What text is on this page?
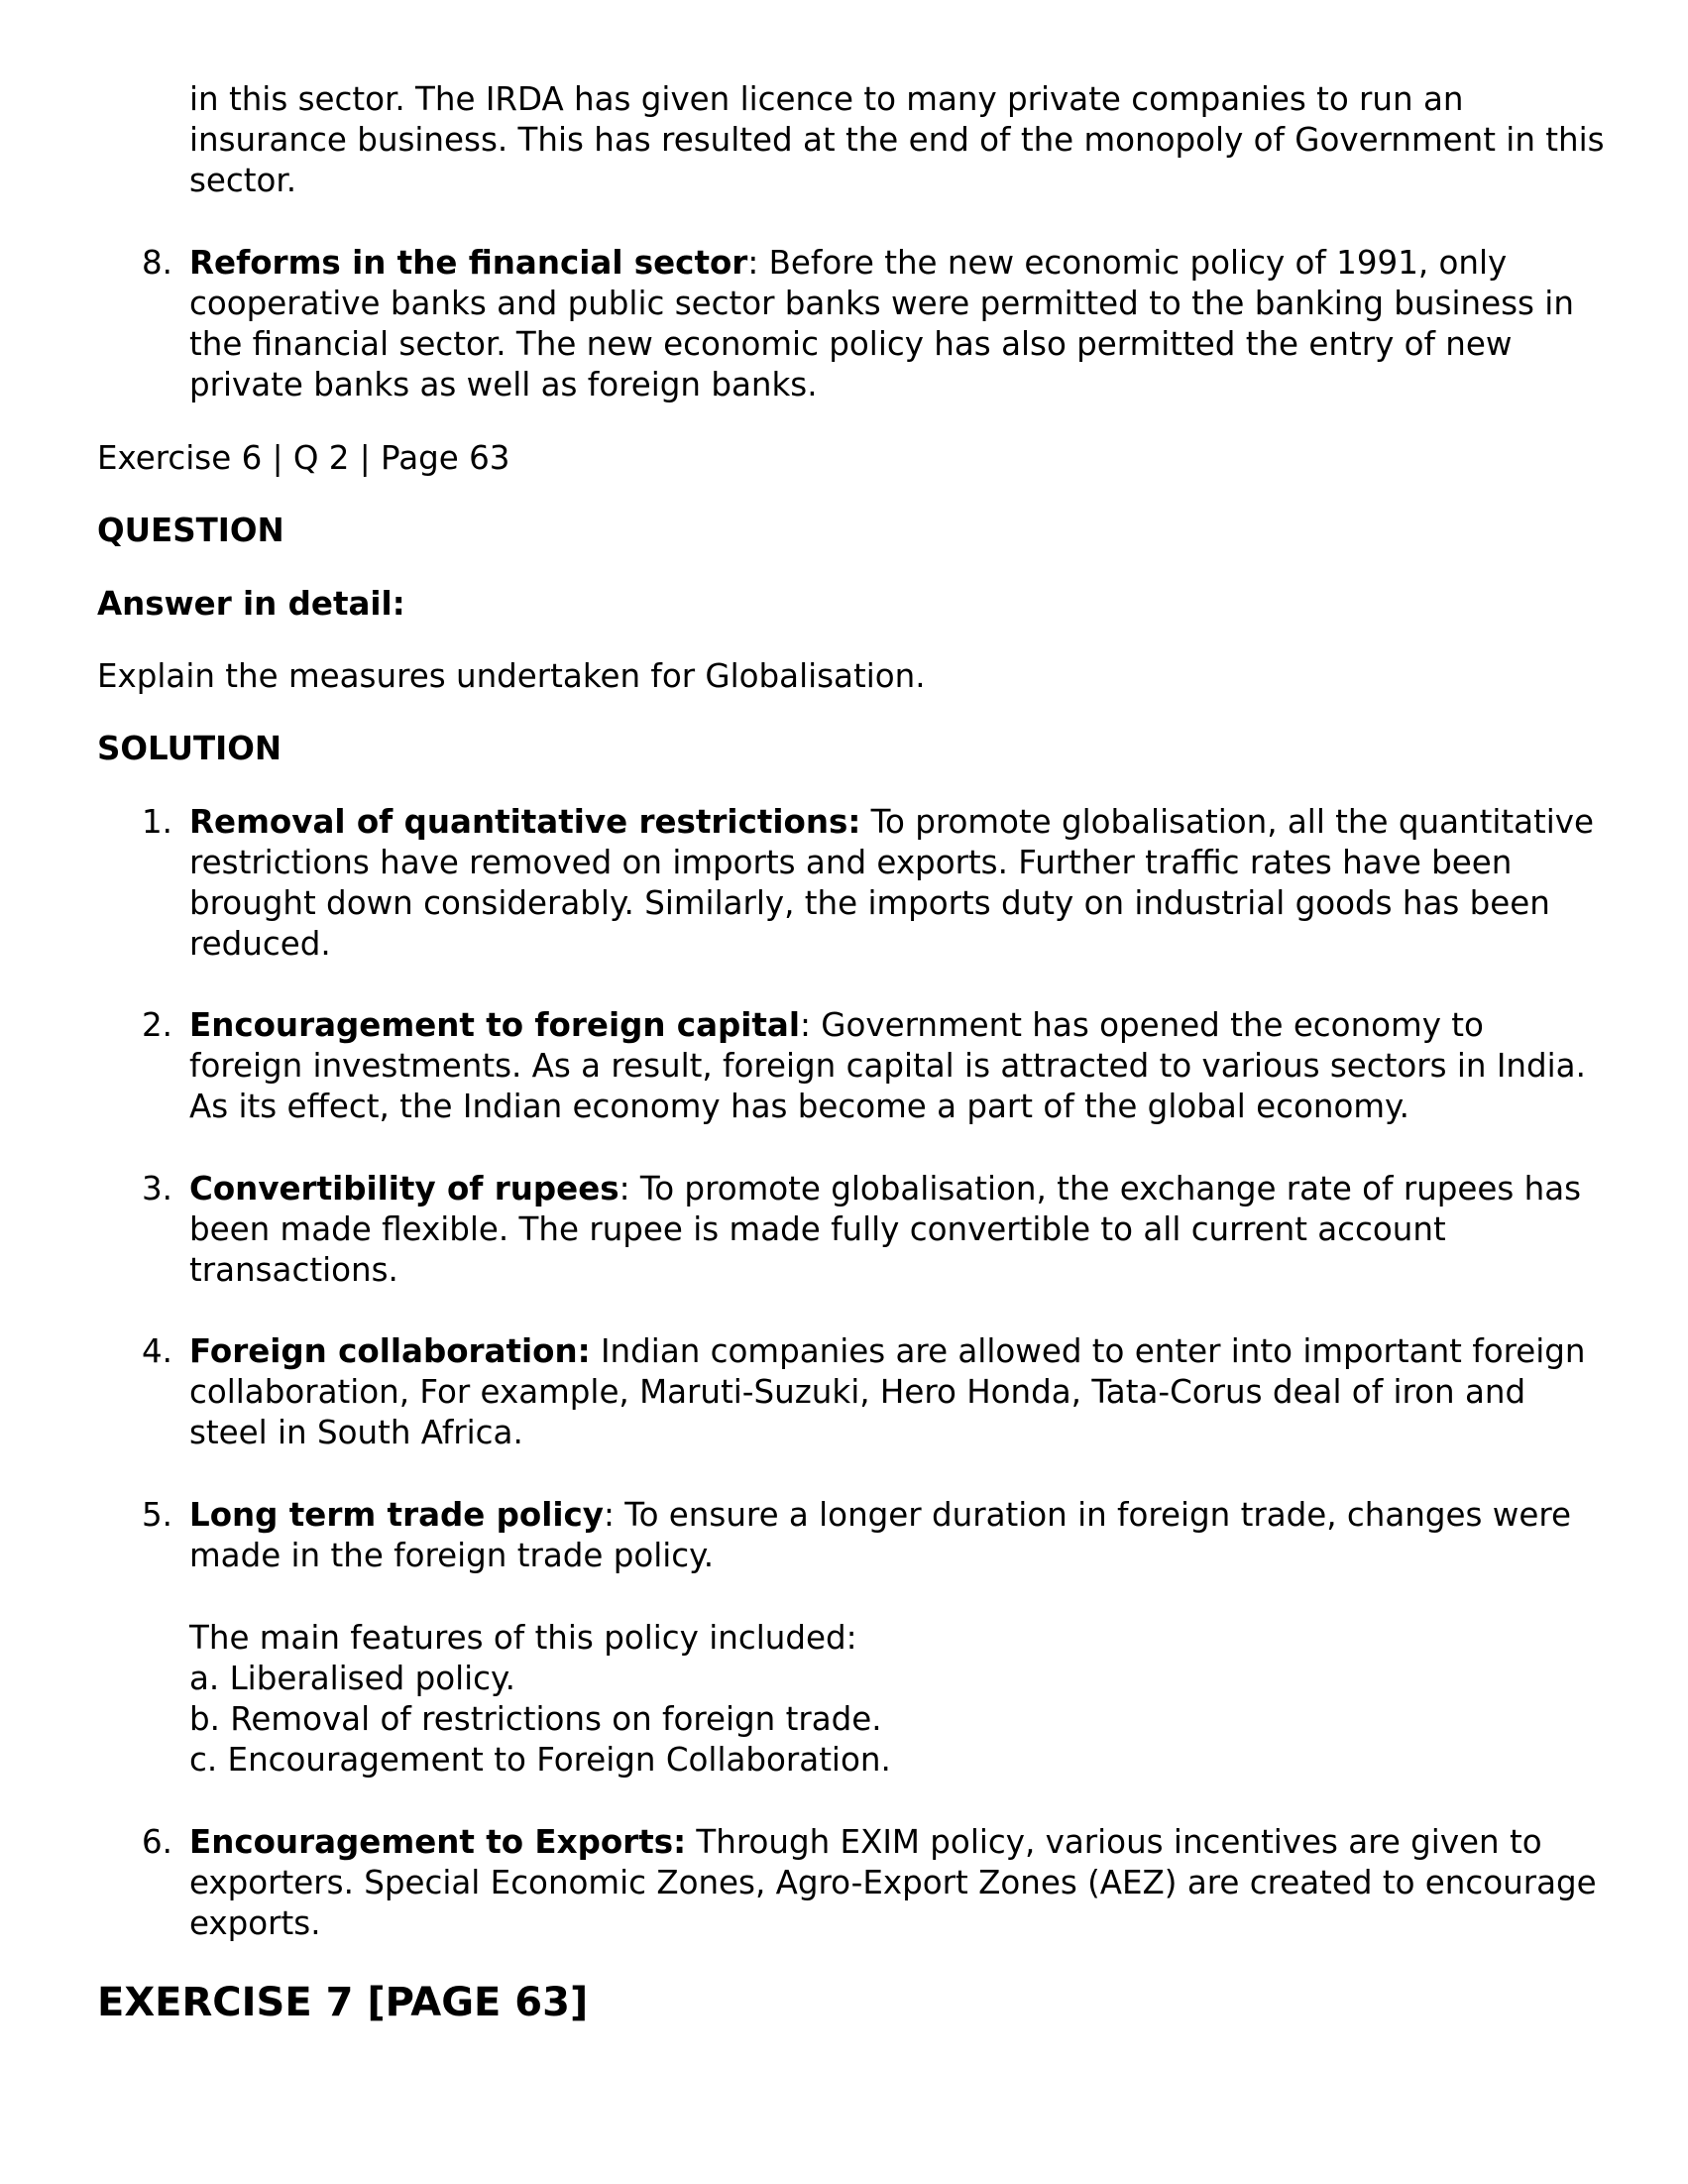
in this sector. The IRDA has given licence to many private companies to run an insurance business. This has resulted at the end of the monopoly of Government in this sector.

8. Reforms in the financial sector: Before the new economic policy of 1991, only cooperative banks and public sector banks were permitted to the banking business in the financial sector. The new economic policy has also permitted the entry of new private banks as well as foreign banks.

Exercise 6 | Q 2 | Page 63

QUESTION

Answer in detail:

Explain the measures undertaken for Globalisation.

SOLUTION

1. Removal of quantitative restrictions: To promote globalisation, all the quantitative restrictions have removed on imports and exports. Further traffic rates have been brought down considerably. Similarly, the imports duty on industrial goods has been reduced.

2. Encouragement to foreign capital: Government has opened the economy to foreign investments. As a result, foreign capital is attracted to various sectors in India. As its effect, the Indian economy has become a part of the global economy.

3. Convertibility of rupees: To promote globalisation, the exchange rate of rupees has been made flexible. The rupee is made fully convertible to all current account transactions.

4. Foreign collaboration: Indian companies are allowed to enter into important foreign collaboration, For example, Maruti-Suzuki, Hero Honda, Tata-Corus deal of iron and steel in South Africa.

5. Long term trade policy: To ensure a longer duration in foreign trade, changes were made in the foreign trade policy.

The main features of this policy included:

a. Liberalised policy.

b. Removal of restrictions on foreign trade.

c. Encouragement to Foreign Collaboration.

6. Encouragement to Exports: Through EXIM policy, various incentives are given to exporters. Special Economic Zones, Agro-Export Zones (AEZ) are created to encourage exports.

EXERCISE 7 [PAGE 63]
